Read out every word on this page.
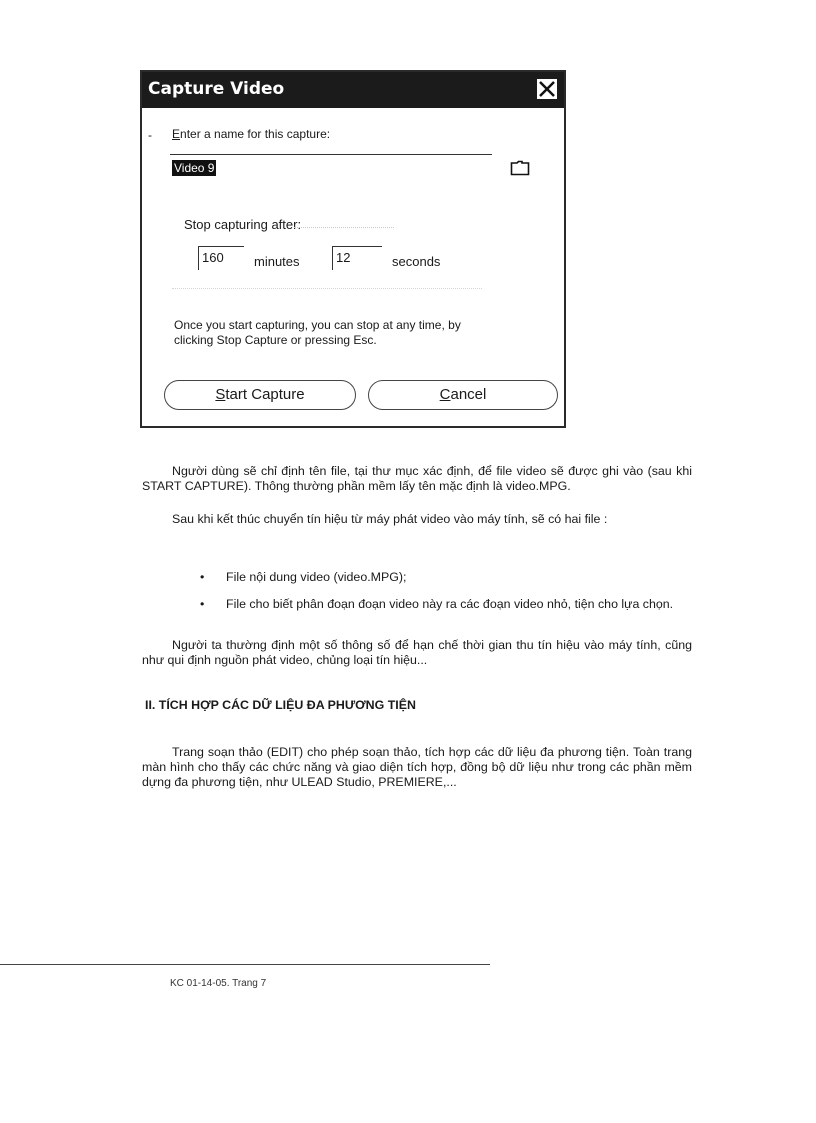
Capture Video
- Enter a name for this capture:
Video 9
Stop capturing after:
160	minutes	12	seconds
Once you start capturing, you can stop at any time, by
clicking Stop Capture or pressing Esc.
Start Capture	Cancel
Người dùng sẽ chỉ định tên file, tại thư mục xác định, để file video sẽ được ghi vào (sau khi START CAPTURE). Thông thường phần mềm lấy tên mặc định là video.MPG.
Sau khi kết thúc chuyển tín hiệu từ máy phát video vào máy tính, sẽ có hai file :
• File nội dung video (video.MPG);
• File cho biết phân đoạn đoạn video này ra các đoạn video nhỏ, tiện cho lựa chọn.
Người ta thường định một số thông số để hạn chế thời gian thu tín hiệu vào máy tính, cũng như qui định nguồn phát video, chủng loại tín hiệu...
II. TÍCH HỢP CÁC DỮ LIỆU ĐA PHƯƠNG TIỆN
Trang soạn thảo (EDIT) cho phép soạn thảo, tích hợp các dữ liệu đa phương tiện. Toàn trang màn hình cho thấy các chức năng và giao diện tích hợp, đồng bộ dữ liệu như trong các phần mềm dựng đa phương tiện, như ULEAD Studio, PREMIERE,...
KC 01-14-05. Trang 7
